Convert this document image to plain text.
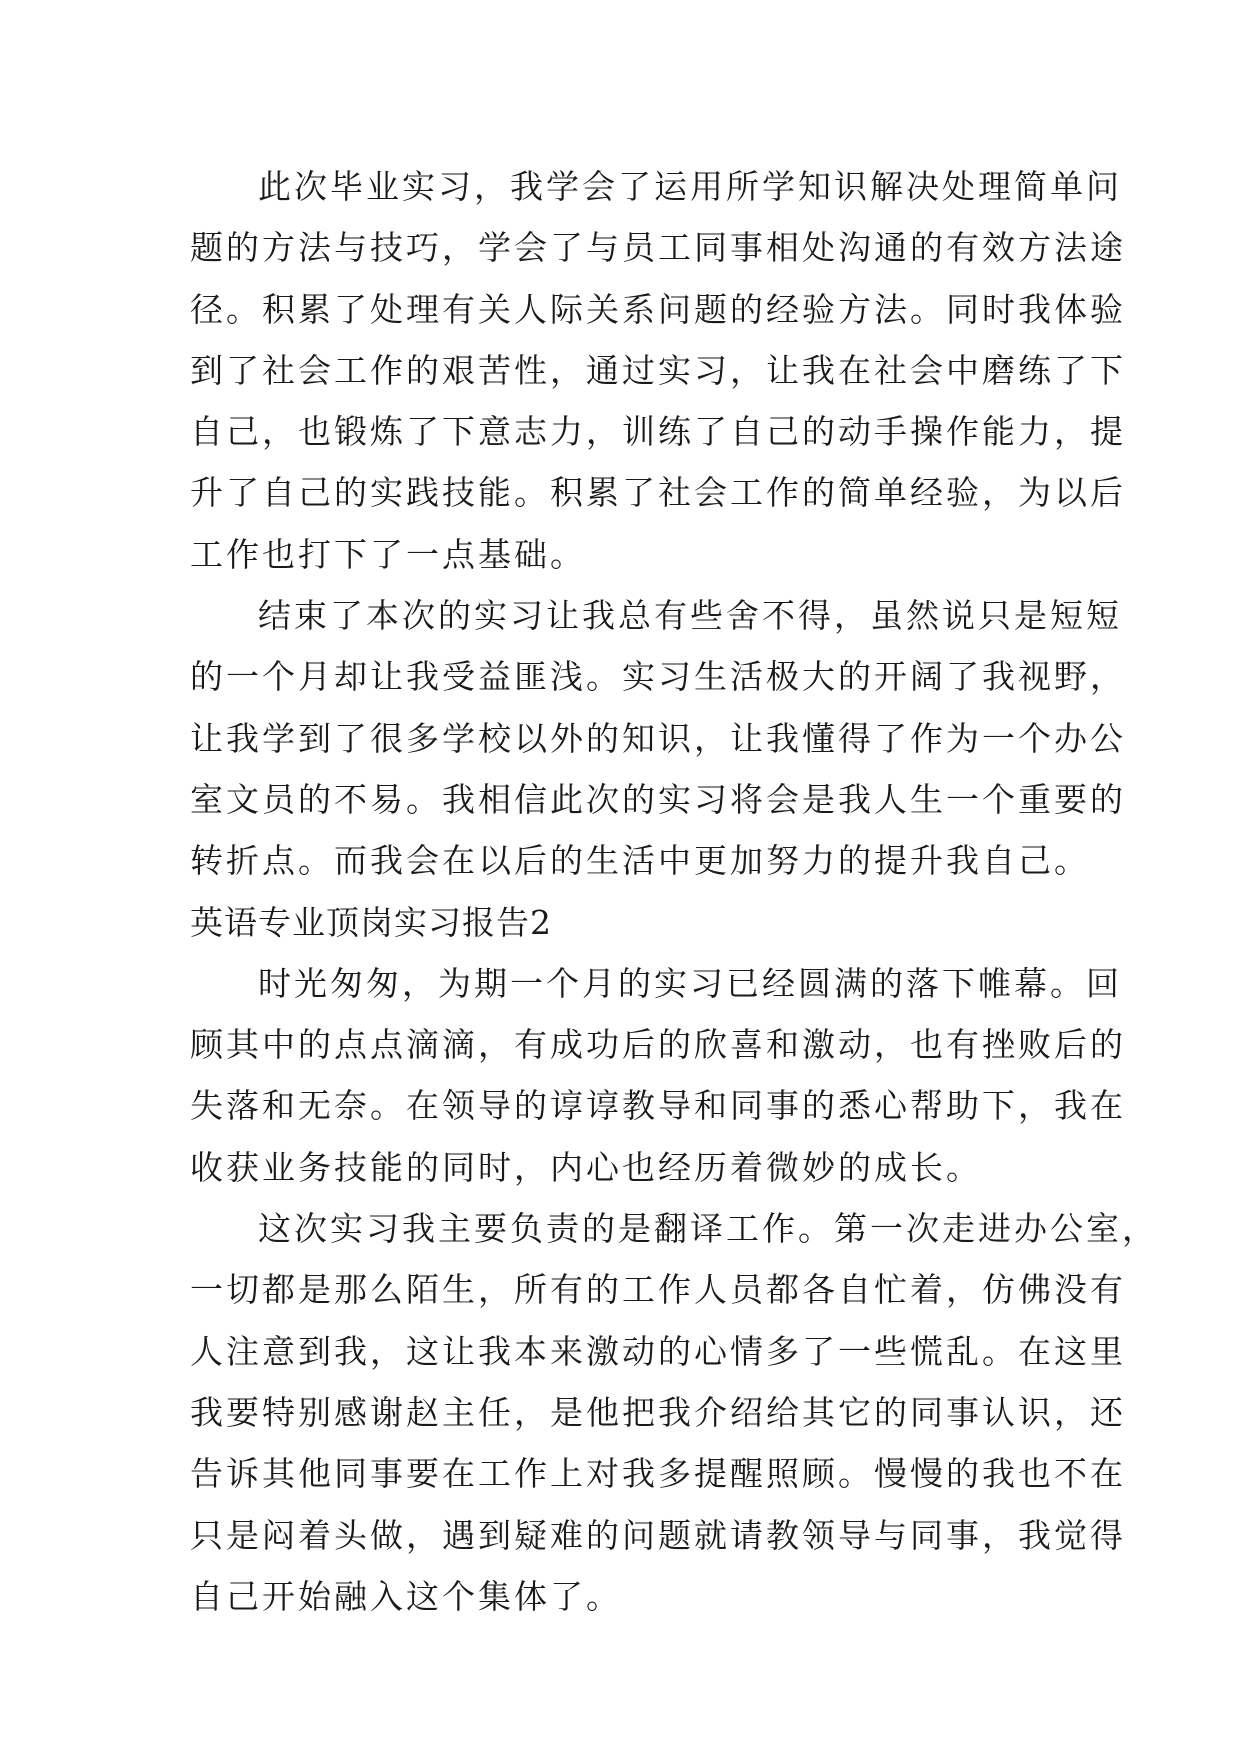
此次毕业实习，我学会了运用所学知识解决处理简单问
题的方法与技巧，学会了与员工同事相处沟通的有效方法途
径。积累了处理有关人际关系问题的经验方法。同时我体验
到了社会工作的艰苦性，通过实习，让我在社会中磨练了下
自己，也锻炼了下意志力，训练了自己的动手操作能力，提
升了自己的实践技能。积累了社会工作的简单经验，为以后
工作也打下了一点基础。
结束了本次的实习让我总有些舍不得，虽然说只是短短
的一个月却让我受益匪浅。实习生活极大的开阔了我视野，
让我学到了很多学校以外的知识，让我懂得了作为一个办公
室文员的不易。我相信此次的实习将会是我人生一个重要的
转折点。而我会在以后的生活中更加努力的提升我自己。
英语专业顶岗实习报告2
时光匆匆，为期一个月的实习已经圆满的落下帷幕。回
顾其中的点点滴滴，有成功后的欣喜和激动，也有挫败后的
失落和无奈。在领导的谆谆教导和同事的悉心帮助下，我在
收获业务技能的同时，内心也经历着微妙的成长。
这次实习我主要负责的是翻译工作。第一次走进办公室，
一切都是那么陌生，所有的工作人员都各自忙着，仿佛没有
人注意到我，这让我本来激动的心情多了一些慌乱。在这里
我要特别感谢赵主任，是他把我介绍给其它的同事认识，还
告诉其他同事要在工作上对我多提醒照顾。慢慢的我也不在
只是闷着头做，遇到疑难的问题就请教领导与同事，我觉得
自己开始融入这个集体了。
